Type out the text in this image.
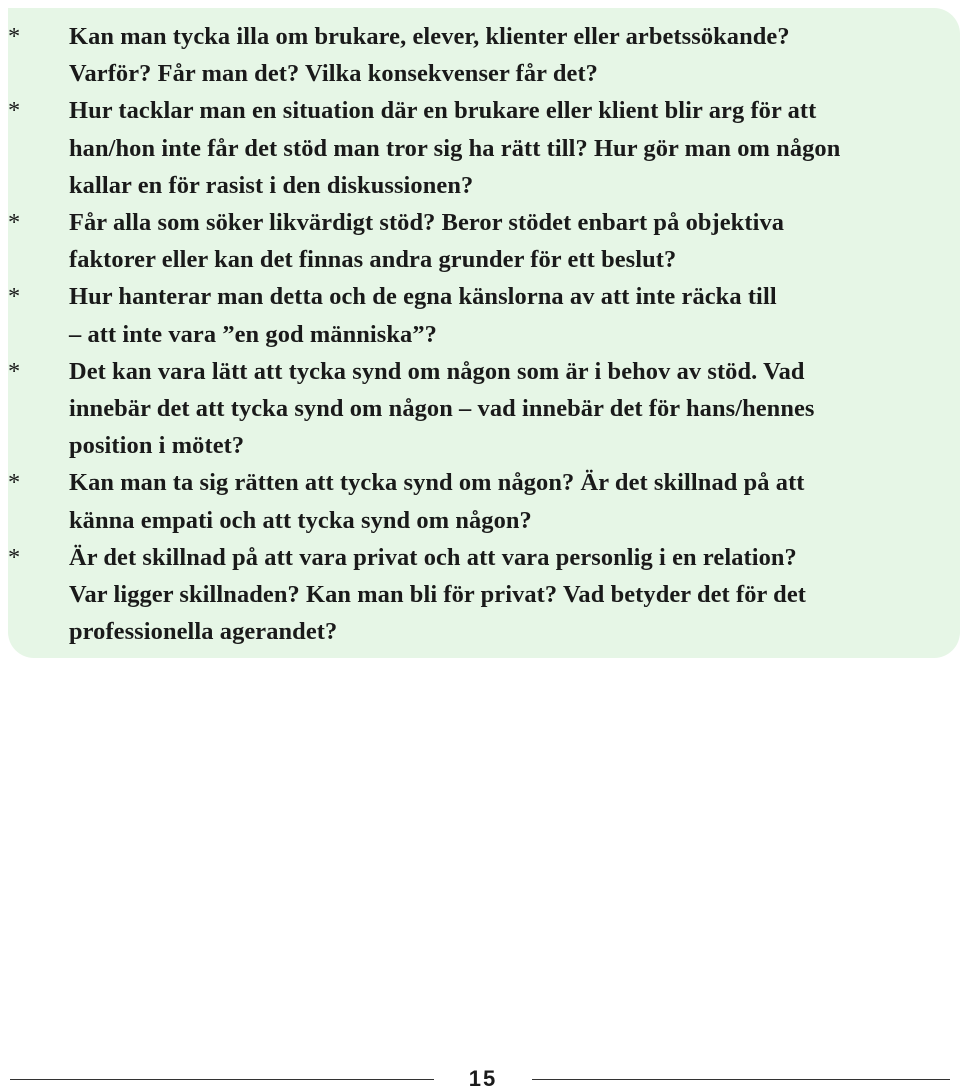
*	Kan man tycka illa om brukare, elever, klienter eller arbetssökande?
Varför? Får man det? Vilka konsekvenser får det?
*	Hur tacklar man en situation där en brukare eller klient blir arg för att
han/hon inte får det stöd man tror sig ha rätt till? Hur gör man om någon
kallar en för rasist i den diskussionen?
*	Får alla som söker likvärdigt stöd? Beror stödet enbart på objektiva
faktorer eller kan det finnas andra grunder för ett beslut?
*	Hur hanterar man detta och de egna känslorna av att inte räcka till
– att inte vara ”en god människa”?
*	Det kan vara lätt att tycka synd om någon som är i behov av stöd. Vad
innebär det att tycka synd om någon – vad innebär det för hans/hennes
position i mötet?
*	Kan man ta sig rätten att tycka synd om någon? Är det skillnad på att
känna empati och att tycka synd om någon?
*	Är det skillnad på att vara privat och att vara personlig i en relation?
Var ligger skillnaden? Kan man bli för privat? Vad betyder det för det
professionella agerandet?
15
